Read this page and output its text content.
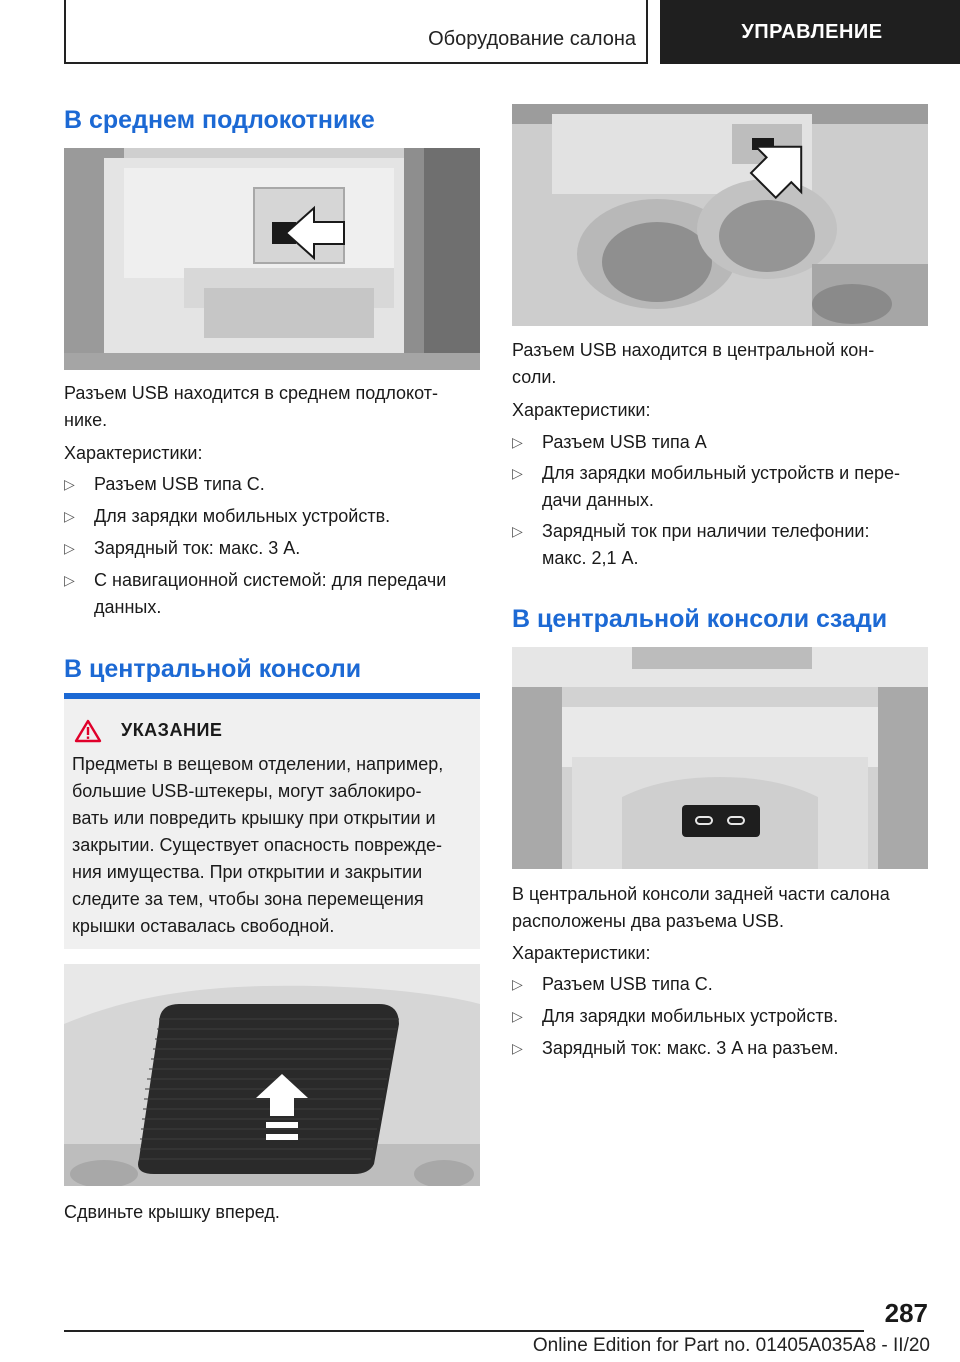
Оборудование салона	УПРАВЛЕНИЕ
В среднем подлокотнике
Разъем USB находится в среднем подлокот-
нике.
Характеристики:
▷	Разъем USB типа C.
▷	Для зарядки мобильных устройств.
▷	Зарядный ток: макс. 3 A.
▷	С навигационной системой: для передачи
данных.
В центральной консоли
УКАЗАНИЕ
Предметы в вещевом отделении, например,
большие USB-штекеры, могут заблокиро-
вать или повредить крышку при открытии и
закрытии. Существует опасность поврежде-
ния имущества. При открытии и закрытии
следите за тем, чтобы зона перемещения
крышки оставалась свободной.
Сдвиньте крышку вперед.
Разъем USB находится в центральной кон-
соли.
Характеристики:
▷	Разъем USB типа A
▷	Для зарядки мобильный устройств и пере-
дачи данных.
▷	Зарядный ток при наличии телефонии:
макс. 2,1 A.
В центральной консоли сзади
В центральной консоли задней части салона
расположены два разъема USB.
Характеристики:
▷	Разъем USB типа C.
▷	Для зарядки мобильных устройств.
▷	Зарядный ток: макс. 3 A на разъем.
287
Online Edition for Part no. 01405A035A8 - II/20
